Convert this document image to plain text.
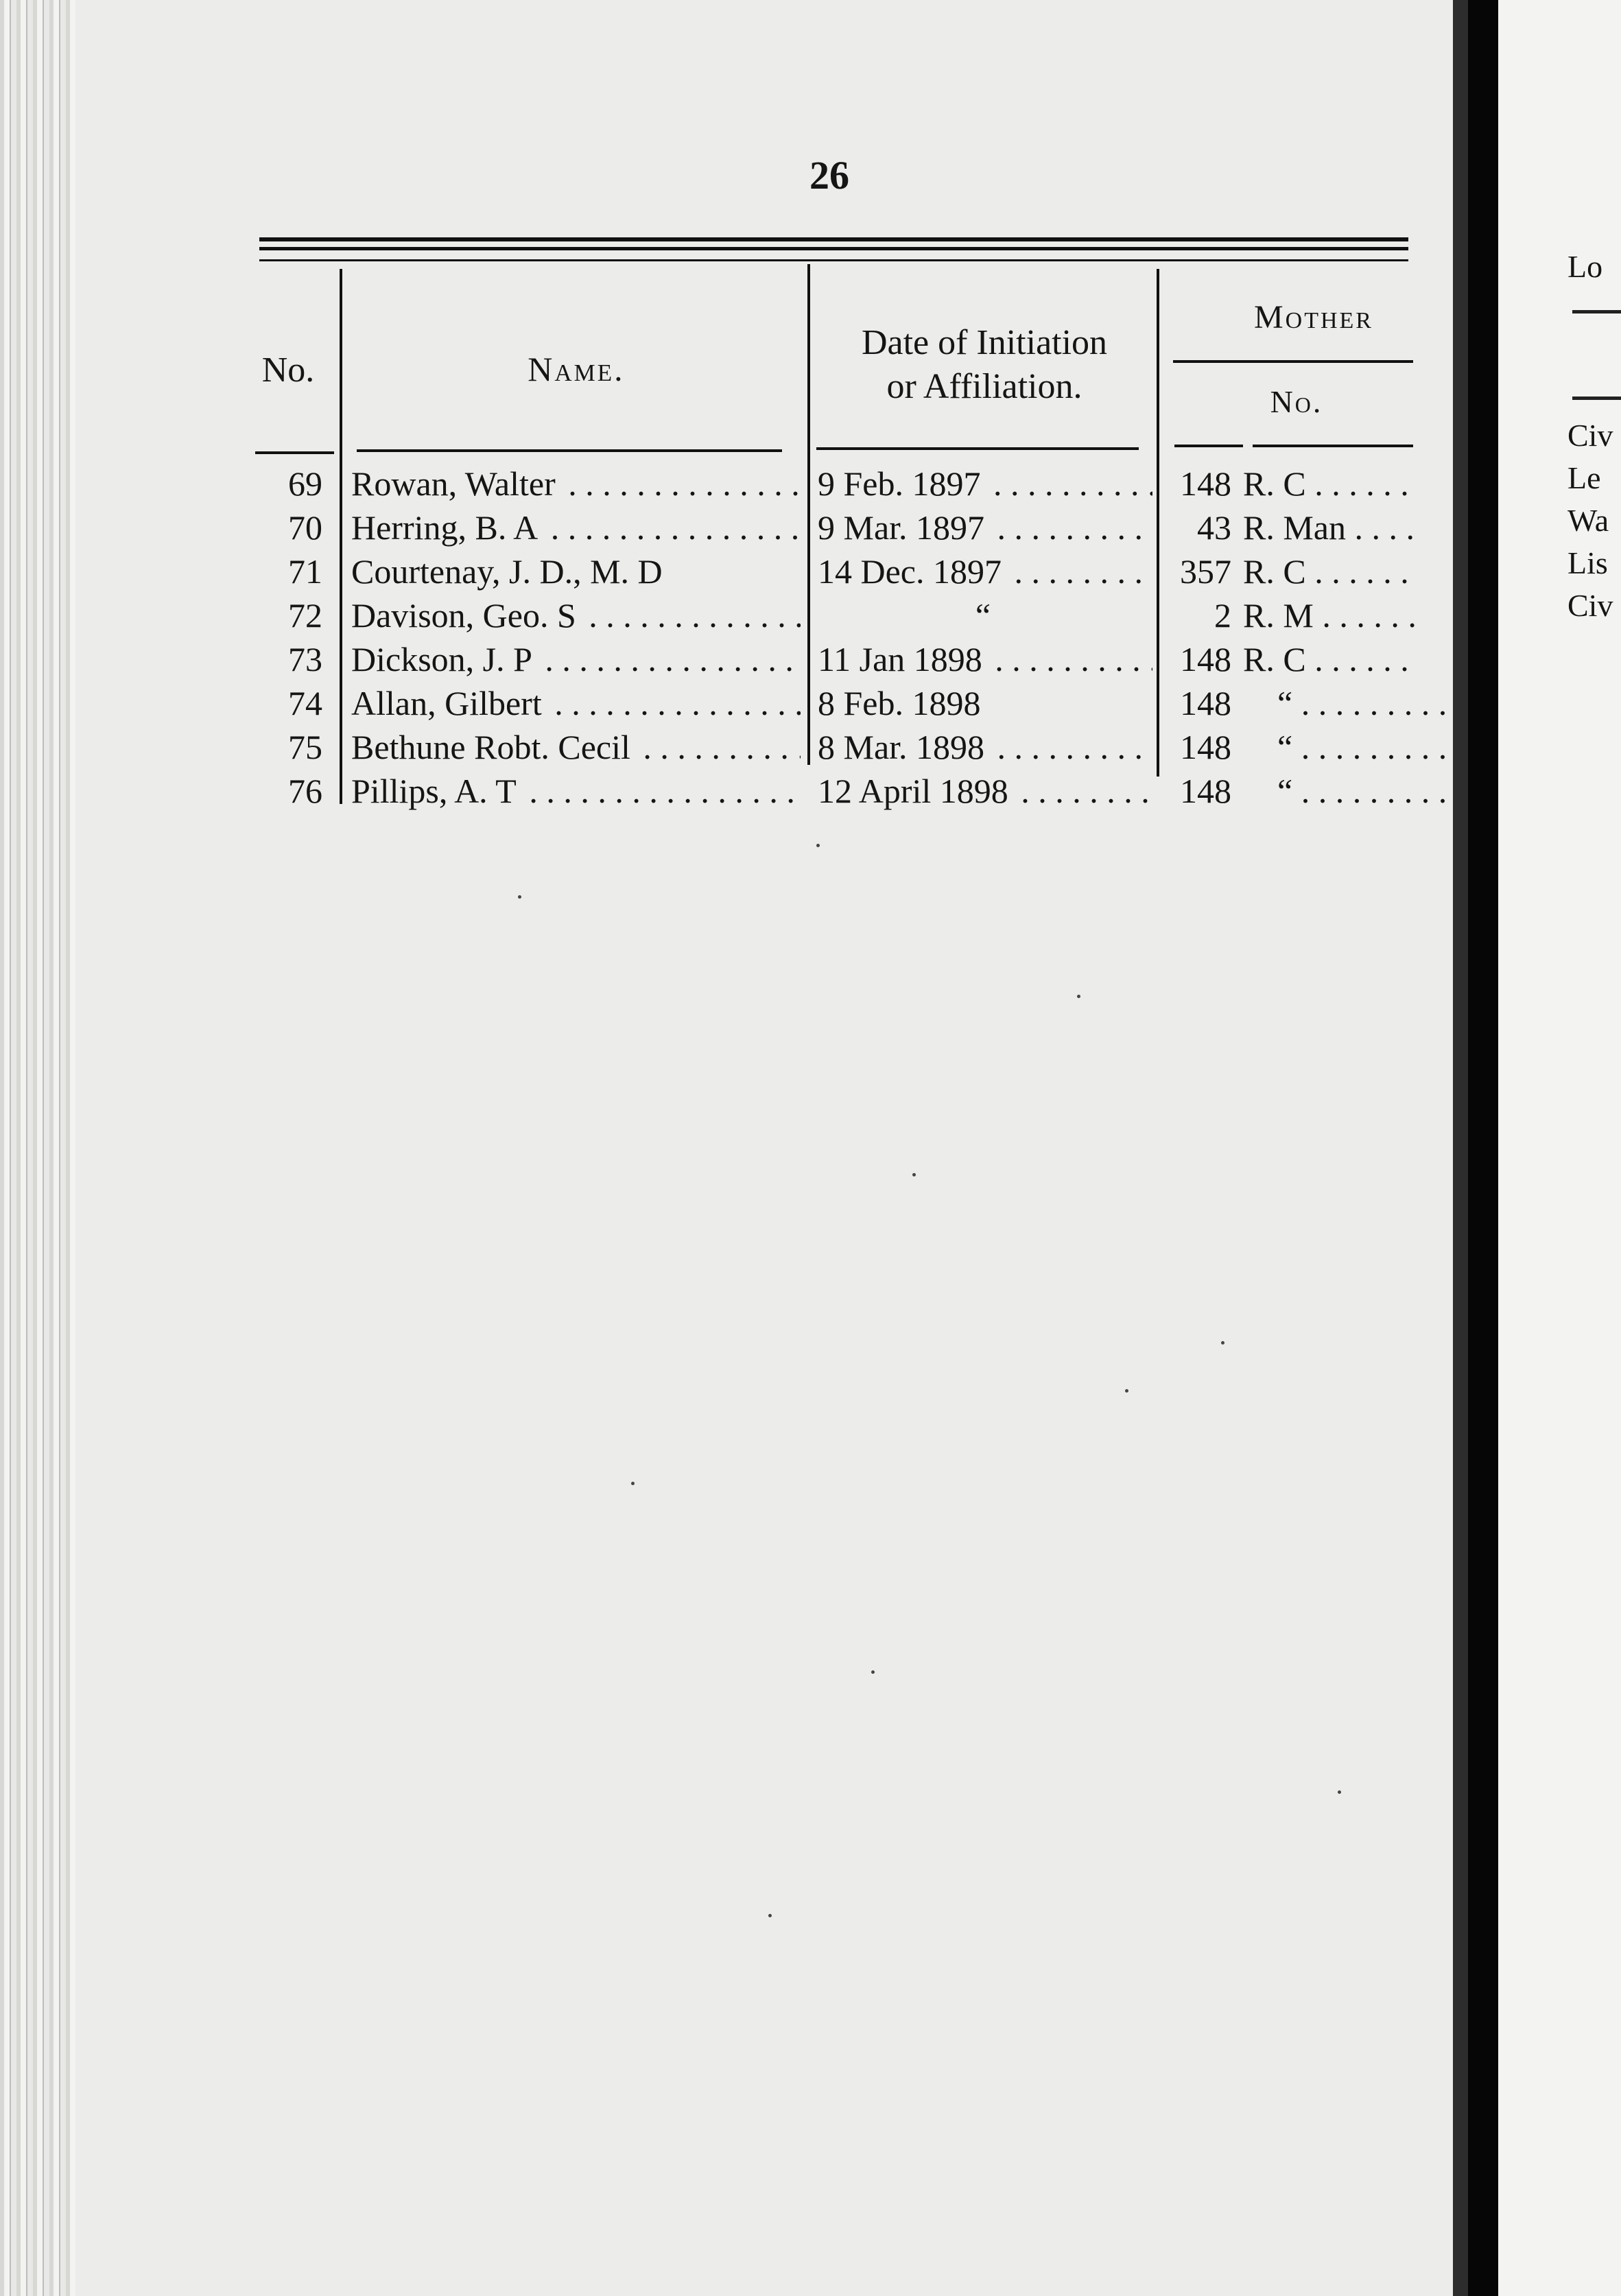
Lo
Civ
Le
Wa
Lis
Civ
26
No.	Name.
Date of Initiation
or Affiliation.
Mother
No.
69 Rowan, Walter . . .	9 Feb. 1897 . . .	148 R. C . . .
70 Herring, B. A . . .	9 Mar. 1897 . . .	43 R. Man . . .
71 Courtenay, J. D., M. D	14 Dec. 1897 . . .	357 R. C . . .
72 Davison, Geo. S . . .	“	2 R. M . . .
73 Dickson, J. P . . .	11 Jan 1898 . . .	148 R. C . . .
74 Allan, Gilbert . . .	8 Feb. 1898	148	“ . . .
75 Bethune Robt. Cecil . . .	8 Mar. 1898 . . .	148	“ . . .
76 Pillips, A. T . . .	12 April 1898 . . .	148	“ . . .
